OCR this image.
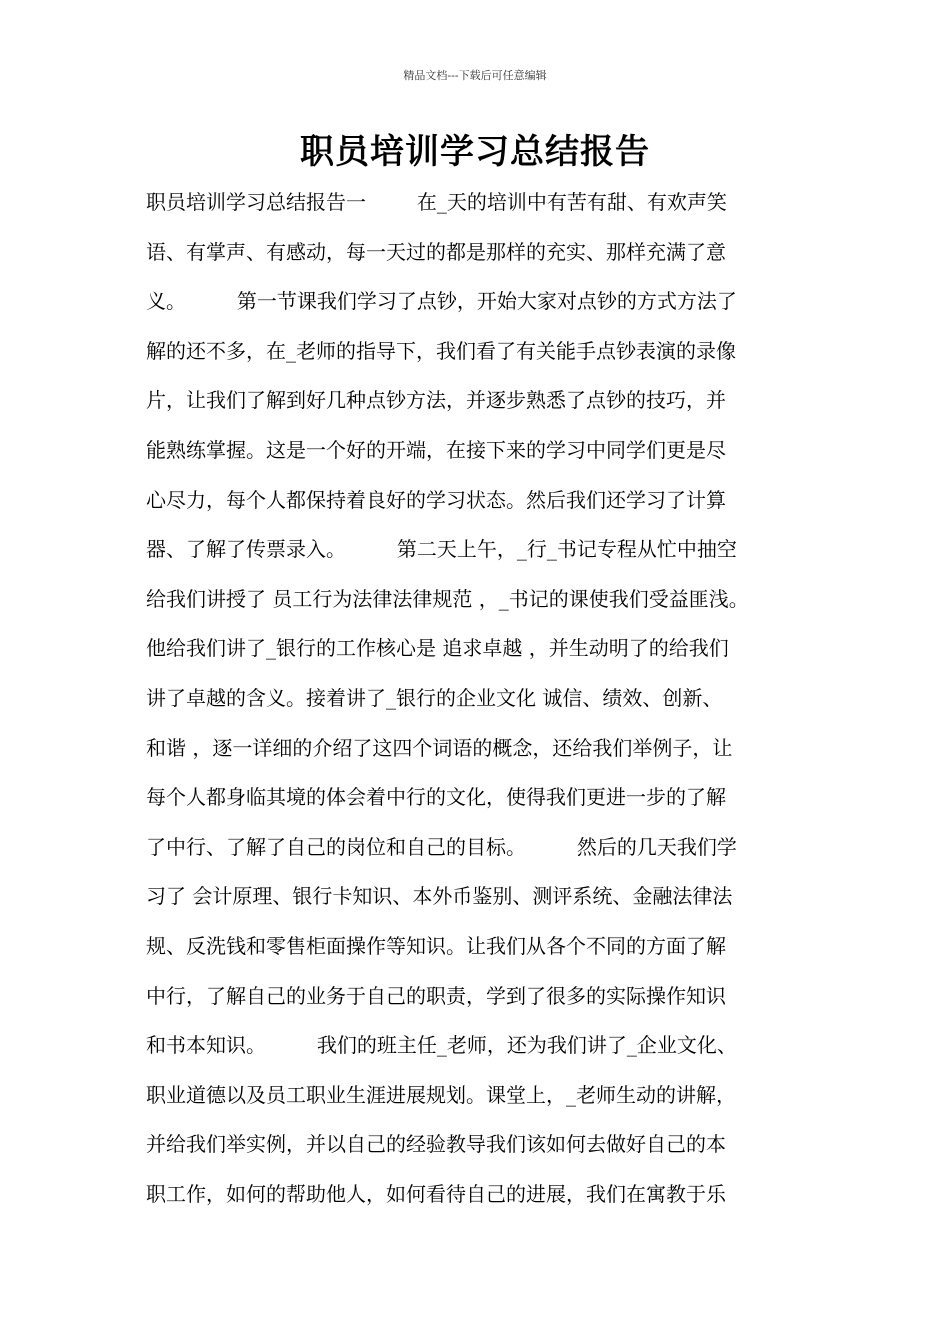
精品文档---下载后可任意编辑
职员培训学习总结报告
职员培训学习总结报告一        在_天的培训中有苦有甜、有欢声笑
语、有掌声、有感动，每一天过的都是那样的充实、那样充满了意
义。        第一节课我们学习了点钞，开始大家对点钞的方式方法了
解的还不多，在_老师的指导下，我们看了有关能手点钞表演的录像
片，让我们了解到好几种点钞方法，并逐步熟悉了点钞的技巧，并
能熟练掌握。这是一个好的开端，在接下来的学习中同学们更是尽
心尽力，每个人都保持着良好的学习状态。然后我们还学习了计算
器、了解了传票录入。        第二天上午，_行_书记专程从忙中抽空
给我们讲授了 员工行为法律法律规范 ，_书记的课使我们受益匪浅。
他给我们讲了_银行的工作核心是 追求卓越 ，并生动明了的给我们
讲了卓越的含义。接着讲了_银行的企业文化 诚信、绩效、创新、
和谐 ，逐一详细的介绍了这四个词语的概念，还给我们举例子，让
每个人都身临其境的体会着中行的文化，使得我们更进一步的了解
了中行、了解了自己的岗位和自己的目标。        然后的几天我们学
习了 会计原理、银行卡知识、本外币鉴别、测评系统、金融法律法
规、反洗钱和零售柜面操作等知识。让我们从各个不同的方面了解
中行，了解自己的业务于自己的职责，学到了很多的实际操作知识
和书本知识。        我们的班主任_老师，还为我们讲了_企业文化、
职业道德以及员工职业生涯进展规划。课堂上，_老师生动的讲解，
并给我们举实例，并以自己的经验教导我们该如何去做好自己的本
职工作，如何的帮助他人，如何看待自己的进展，我们在寓教于乐
